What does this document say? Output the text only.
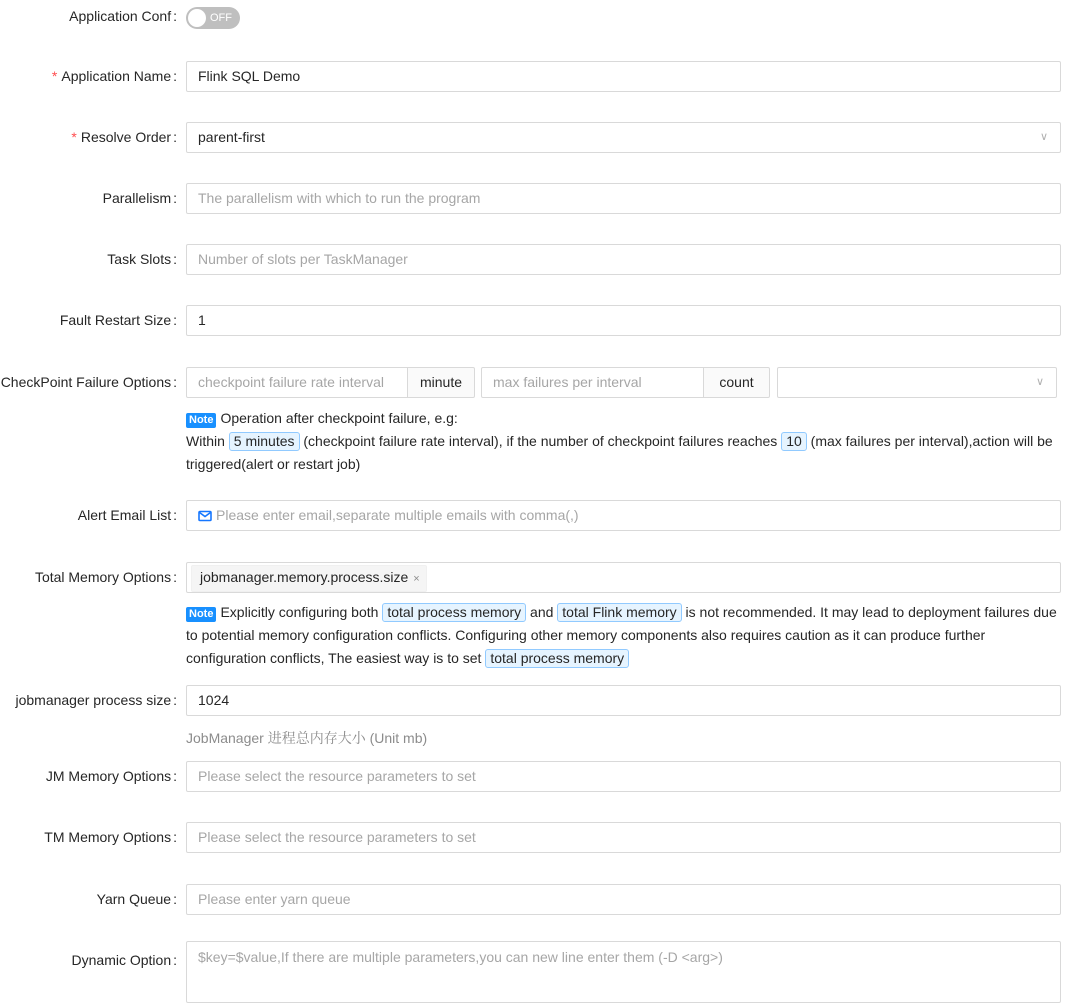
Application Conf :	OFF
* Application Name :	Flink SQL Demo
* Resolve Order :	parent-first	∨
Parallelism :	The parallelism with which to run the program
Task Slots :	Number of slots per TaskManager
Fault Restart Size :	1
CheckPoint Failure Options :	checkpoint failure rate interval	minute	max failures per interval	count	∨
Note Operation after checkpoint failure, e.g:
Within 5 minutes (checkpoint failure rate interval), if the number of checkpoint failures reaches 10 (max failures per interval),action will be
triggered(alert or restart job)
Alert Email List :	Please enter email,separate multiple emails with comma(,)
Total Memory Options :	jobmanager.memory.process.size ×
Note Explicitly configuring both total process memory and total Flink memory is not recommended. It may lead to deployment failures due
to potential memory configuration conflicts. Configuring other memory components also requires caution as it can produce further
configuration conflicts, The easiest way is to set total process memory
jobmanager process size :	1024
JobManager 进程总内存大小 (Unit mb)
JM Memory Options :	Please select the resource parameters to set
TM Memory Options :	Please select the resource parameters to set
Yarn Queue :	Please enter yarn queue
Dynamic Option :	$key=$value,If there are multiple parameters,you can new line enter them (-D <arg>)
